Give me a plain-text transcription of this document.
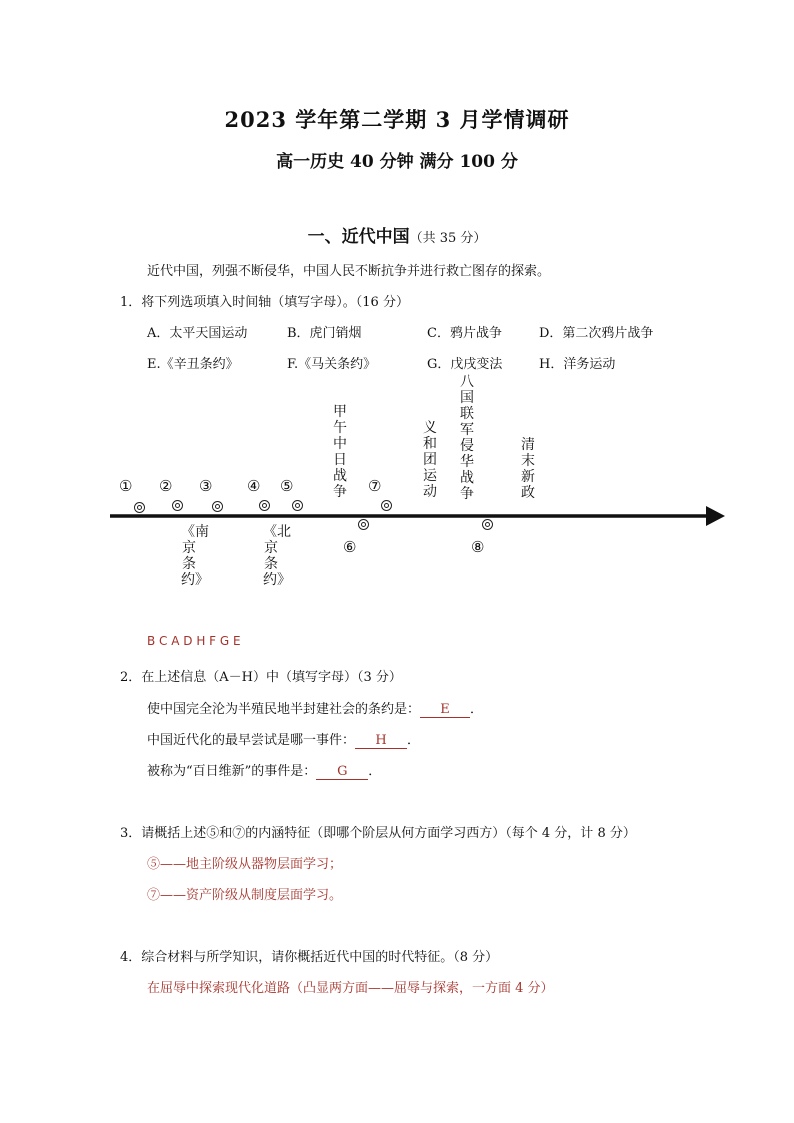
2023 学年第二学期 3 月学情调研
高一历史 40 分钟 满分 100 分
一、近代中国（共 35 分）
近代中国，列强不断侵华，中国人民不断抗争并进行救亡图存的探索。
1．将下列选项填入时间轴（填写字母）。（16 分）
A．太平天国运动	B．虎门销烟	C．鸦片战争	D．第二次鸦片战争
E.《辛丑条约》	F.《马关条约》	G．戊戌变法	H．洋务运动
① ② ③ ④ ⑤
⑥
⑦
⑧
甲午中日战争
义和团运动
八国联军侵华战争
清末新政
《南京条约》
《北京条约》
B C A D H F G E
2．在上述信息（A－H）中（填写字母）（3 分）
使中国完全沦为半殖民地半封建社会的条约是： E ．
中国近代化的最早尝试是哪一事件： H ．
被称为“百日维新”的事件是： G ．
3．请概括上述⑤和⑦的内涵特征（即哪个阶层从何方面学习西方）（每个 4 分，计 8 分）
⑤——地主阶级从器物层面学习；
⑦——资产阶级从制度层面学习。
4．综合材料与所学知识，请你概括近代中国的时代特征。（8 分）
在屈辱中探索现代化道路（凸显两方面——屈辱与探索，一方面 4 分）
